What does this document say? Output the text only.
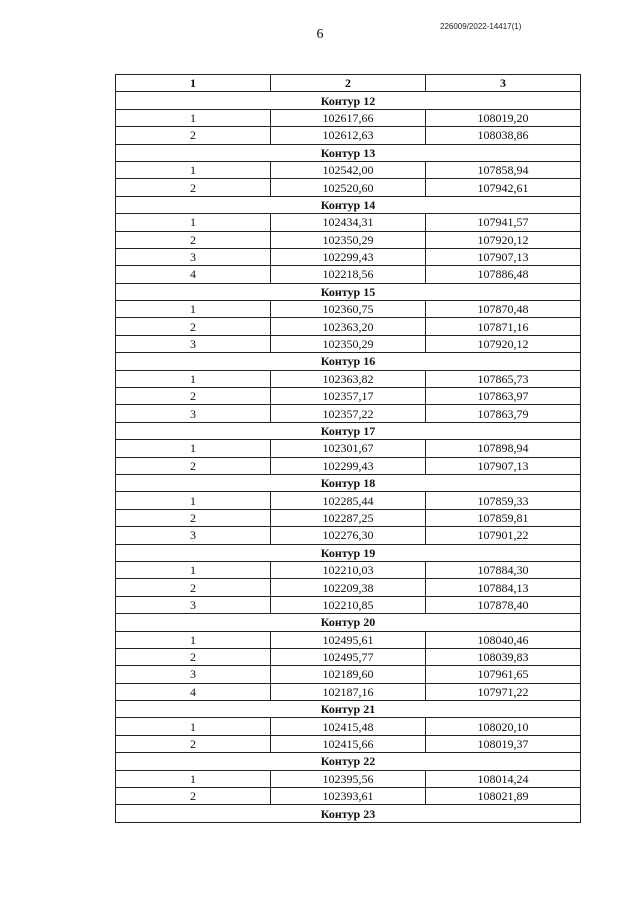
6
226009/2022-14417(1)
1	2	3
Контур 12		
1	102617,66	108019,20
2	102612,63	108038,86
Контур 13		
1	102542,00	107858,94
2	102520,60	107942,61
Контур 14		
1	102434,31	107941,57
2	102350,29	107920,12
3	102299,43	107907,13
4	102218,56	107886,48
Контур 15		
1	102360,75	107870,48
2	102363,20	107871,16
3	102350,29	107920,12
Контур 16		
1	102363,82	107865,73
2	102357,17	107863,97
3	102357,22	107863,79
Контур 17		
1	102301,67	107898,94
2	102299,43	107907,13
Контур 18		
1	102285,44	107859,33
2	102287,25	107859,81
3	102276,30	107901,22
Контур 19		
1	102210,03	107884,30
2	102209,38	107884,13
3	102210,85	107878,40
Контур 20		
1	102495,61	108040,46
2	102495,77	108039,83
3	102189,60	107961,65
4	102187,16	107971,22
Контур 21		
1	102415,48	108020,10
2	102415,66	108019,37
Контур 22		
1	102395,56	108014,24
2	102393,61	108021,89
Контур 23		
